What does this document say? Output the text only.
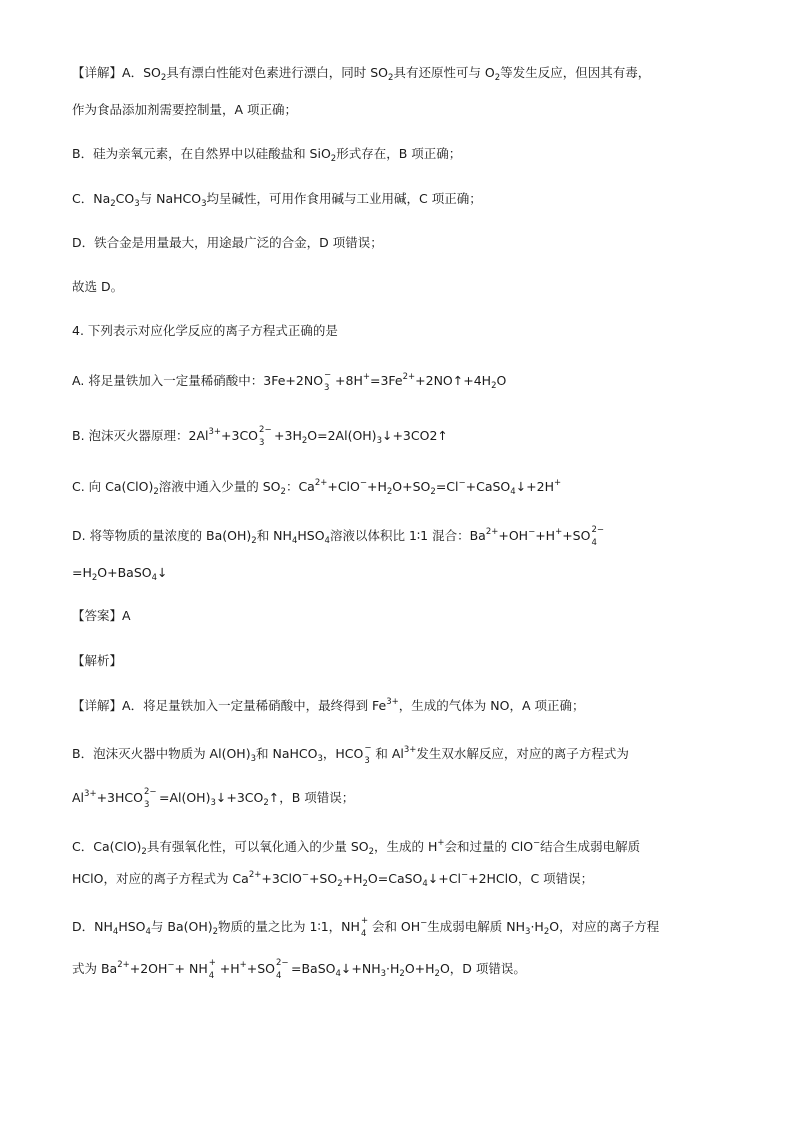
【详解】A．$SO_2$具有漂白性能对色素进行漂白，同时 $SO_2$具有还原性可与 $O_2$等发生反应，但因其有毒，
作为食品添加剂需要控制量，A 项正确；
B．硅为亲氧元素，在自然界中以硅酸盐和 SiO$_2$形式存在，B 项正确；
C．$Na_2CO_3$与 NaHCO$_3$均呈碱性，可用作食用碱与工业用碱，C 项正确；
D．铁合金是用量最大，用途最广泛的合金，D 项错误；
故选 D。
4. 下列表示对应化学反应的离子方程式正确的是
A. 将足量铁加入一定量稀硝酸中：3Fe+2NO −
$3 +8H^+=3Fe^{2+}+2NO↑+4H_2O$
B. 泡沫灭火器原理：$2Al^{3+}+3CO$ 2−
$3 +3H_2O=2Al(OH)_3↓+3CO2↑$
C. 向 $Ca(ClO)_2$溶液中通入少量的 $SO_2$：$Ca^{2+}+ClO^-+H_2O+SO_2=Cl^-+CaSO_4↓+2H^+$
D. 将等物质的量浓度的 $Ba(OH)_2$和 $NH_4HSO_4$溶液以体积比 1∶1 混合：$Ba^{2+}+OH^-+H^++SO$ 2−
4
$=H_2O+BaSO_4↓$
【答案】A
【解析】
【详解】A．将足量铁加入一定量稀硝酸中，最终得到 $Fe^{3+}$，生成的气体为 NO，A 项正确；
B．泡沫灭火器中物质为 $Al(OH)_3$和 NaHCO$_3$，HCO −
3 和 $Al^{3+}$发生双水解反应，对应的离子方程式为
$Al^{3+}+3HCO$ 2−
$3 =Al(OH)_3↓+3CO_2↑$，B 项错误；
C．$Ca(ClO)_2$具有强氧化性，可以氧化通入的少量 $SO_2$，生成的 H+会和过量的 ClO−结合生成弱电解质
HClO，对应的离子方程式为 $Ca^{2+}+3ClO^-+SO_2+H_2O=CaSO_4↓+Cl^-+2HClO$，C 项错误；
D．$NH_4HSO_4$与 $Ba(OH)_2$物质的量之比为 1∶1，NH +
4 会和 OH−生成弱电解质 $NH_3\cdot H_2O$，对应的离子方程
式为 $Ba^{2+}+2OH^-+$ NH +
4 +H++SO 2−
$4 =BaSO_4↓+NH_3\cdot H_2O+H_2O$，D 项错误。
